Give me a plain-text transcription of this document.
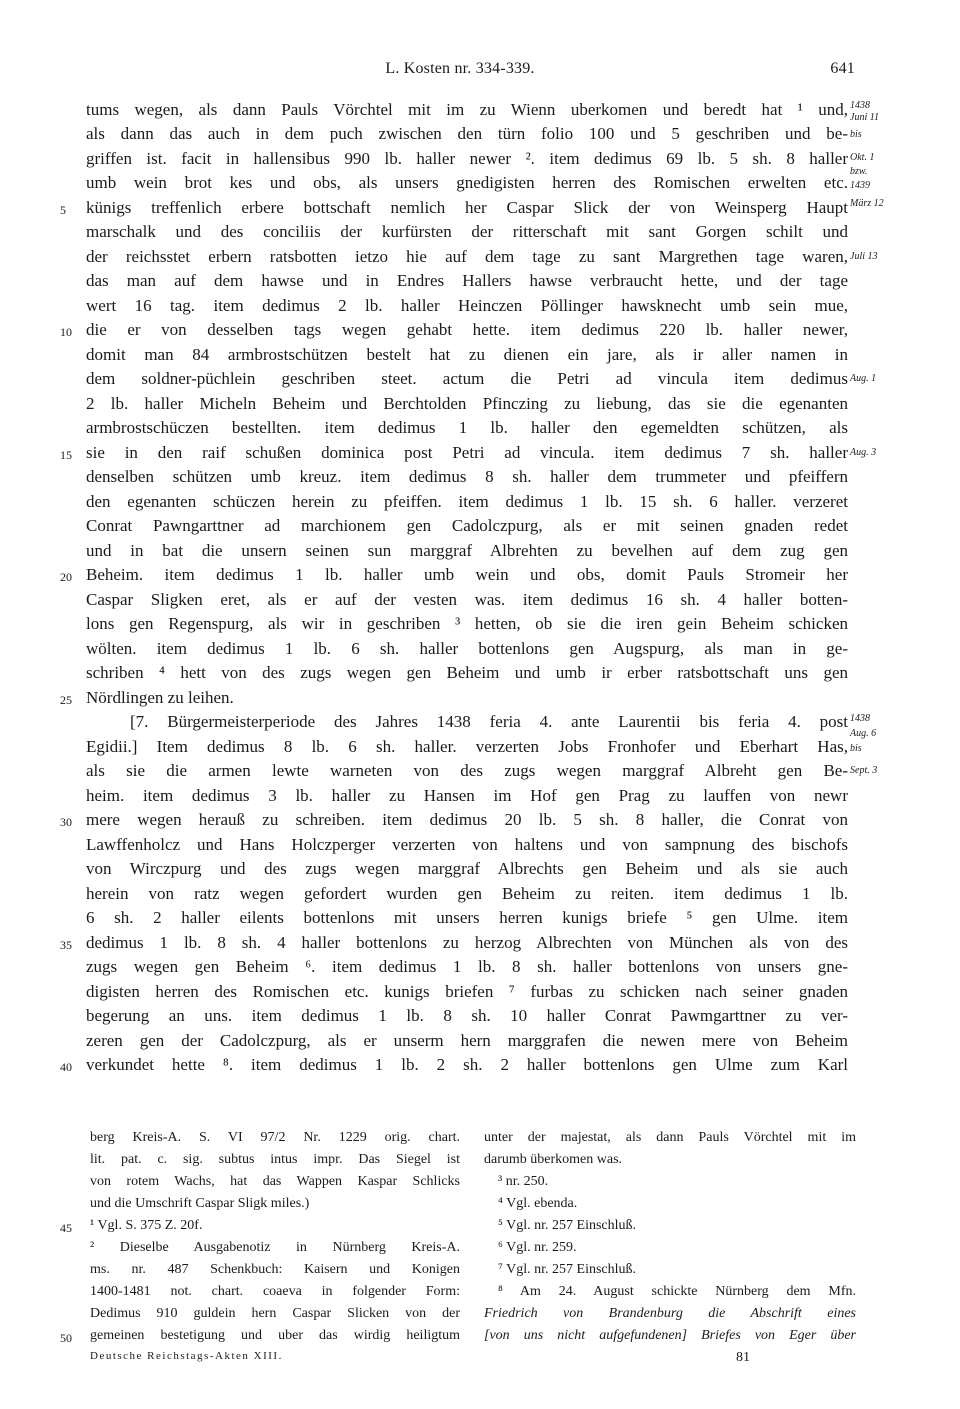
L. Kosten nr. 334-339.	641
tums wegen, als dann Pauls Vörchtel mit im zu Wienn uberkomen und beredt hat ¹ und,
als dann das auch in dem puch zwischen den türn folio 100 und 5 geschriben und be-
griffen ist. facit in hallensibus 990 lb. haller newer ². item dedimus 69 lb. 5 sh. 8 haller
umb wein brot kes und obs, als unsers gnedigisten herren des Romischen erwelten etc.
künigs treffenlich erbere bottschaft nemlich her Caspar Slick der von Weinsperg Haupt
marschalk und des conciliis der kurfürsten der ritterschaft mit sant Gorgen schilt und
der reichsstet erbern ratsbotten ietzo hie auf dem tage zu sant Margrethen tage waren,
das man auf dem hawse und in Endres Hallers hawse verbraucht hette, und der tage
wert 16 tag. item dedimus 2 lb. haller Heinczen Pöllinger hawsknecht umb sein mue,
die er von desselben tags wegen gehabt hette. item dedimus 220 lb. haller newer,
domit man 84 armbrostschützen bestelt hat zu dienen ein jare, als ir aller namen in
dem soldner-püchlein geschriben steet. actum die Petri ad vincula item dedimus
2 lb. haller Micheln Beheim und Berchtolden Pfinczing zu liebung, das sie die egenanten
armbrostschüczen bestellten. item dedimus 1 lb. haller den egemeldten schützen, als
sie in den raif schußen dominica post Petri ad vincula. item dedimus 7 sh. haller
denselben schützen umb kreuz. item dedimus 8 sh. haller dem trummeter und pfeiffern
den egenanten schüczen herein zu pfeiffen. item dedimus 1 lb. 15 sh. 6 haller. verzeret
Conrat Pawngarttner ad marchionem gen Cadolczpurg, als er mit seinen gnaden redet
und in bat die unsern seinen sun marggraf Albrehten zu bevelhen auf dem zug gen
Beheim. item dedimus 1 lb. haller umb wein und obs, domit Pauls Stromeir her
Caspar Sligken eret, als er auf der vesten was. item dedimus 16 sh. 4 haller botten-
lons gen Regenspurg, als wir in geschriben ³ hetten, ob sie die iren gein Beheim schicken
wölten. item dedimus 1 lb. 6 sh. haller bottenlons gen Augspurg, als man in ge-
schriben ⁴ hett von des zugs wegen gen Beheim und umb ir erber ratsbottschaft uns gen
Nördlingen zu leihen.
[7. Bürgermeisterperiode des Jahres 1438 feria 4. ante Laurentii bis feria 4. post
Egidii.] Item dedimus 8 lb. 6 sh. haller. verzerten Jobs Fronhofer und Eberhart Has,
als sie die armen lewte warneten von des zugs wegen marggraf Albreht gen Be-
heim. item dedimus 3 lb. haller zu Hansen im Hof gen Prag zu lauffen von newr
mere wegen herauß zu schreiben. item dedimus 20 lb. 5 sh. 8 haller, die Conrat von
Lawffenholcz und Hans Holczperger verzerten von haltens und von sampnung des bischofs
von Wirczpurg und des zugs wegen marggraf Albrechts gen Beheim und als sie auch
herein von ratz wegen gefordert wurden gen Beheim zu reiten. item dedimus 1 lb.
6 sh. 2 haller eilents bottenlons mit unsers herren kunigs briefe ⁵ gen Ulme. item
dedimus 1 lb. 8 sh. 4 haller bottenlons zu herzog Albrechten von München als von des
zugs wegen gen Beheim ⁶. item dedimus 1 lb. 8 sh. haller bottenlons von unsers gne-
digisten herren des Romischen etc. kunigs briefen ⁷ furbas zu schicken nach seiner gnaden
begerung an uns. item dedimus 1 lb. 8 sh. 10 haller Conrat Pawmgarttner zu ver-
zeren gen der Cadolczpurg, als er unserm hern marggrafen die newen mere von Beheim
verkundet hette ⁸. item dedimus 1 lb. 2 sh. 2 haller bottenlons gen Ulme zum Karl
5
10
15
20
25
30
35
40
1438
Juni 11
bis
Okt. 1
bzw.
1439
März 12
Juli 13
Aug. 1
Aug. 3
1438
Aug. 6
bis
Sept. 3
berg Kreis-A. S. VI 97/2 Nr. 1229 orig. chart.
lit. pat. c. sig. subtus intus impr. Das Siegel ist
von rotem Wachs, hat das Wappen Kaspar Schlicks
und die Umschrift Caspar Sligk miles.)
¹ Vgl. S. 375 Z. 20f.
² Dieselbe Ausgabenotiz in Nürnberg Kreis-A.
ms. nr. 487 Schenkbuch: Kaisern und Konigen
1400-1481 not. chart. coaeva in folgender Form:
Dedimus 910 guldein hern Caspar Slicken von der
gemeinen bestetigung und uber das wirdig heiligtum
45
50
unter der majestat, als dann Pauls Vörchtel mit im
darumb überkomen was.
³ nr. 250.
⁴ Vgl. ebenda.
⁵ Vgl. nr. 257 Einschluß.
⁶ Vgl. nr. 259.
⁷ Vgl. nr. 257 Einschluß.
⁸ Am 24. August schickte Nürnberg dem Mfn.
Friedrich von Brandenburg die Abschrift eines
[von uns nicht aufgefundenen] Briefes von Eger über
Deutsche Reichstags-Akten XIII.	81
